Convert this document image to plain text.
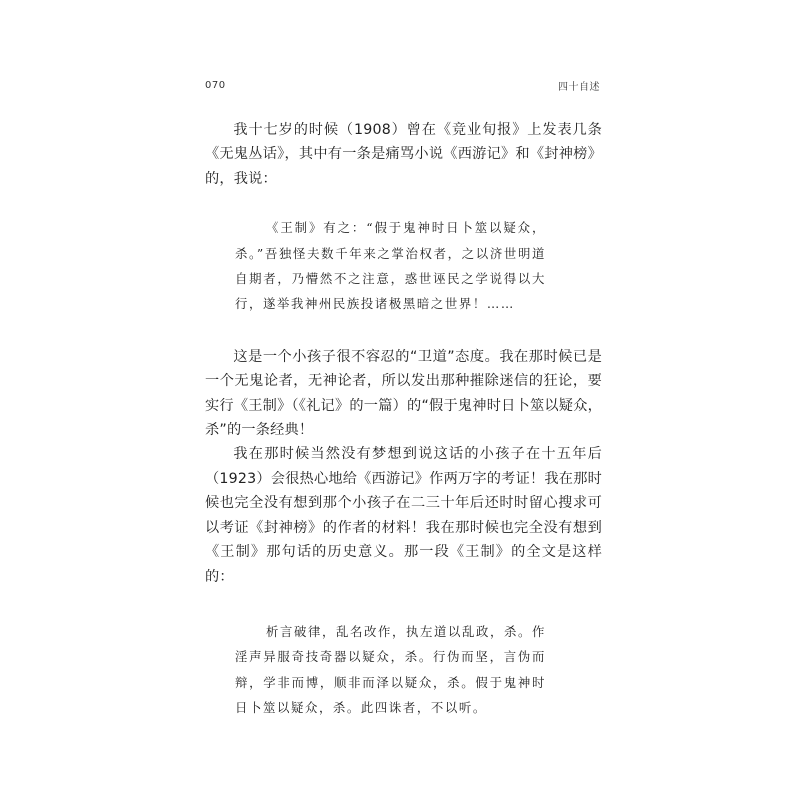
070	四十自述

我十七岁的时候（1908）曾在《竞业旬报》上发表几条《无鬼丛话》，其中有一条是痛骂小说《西游记》和《封神榜》的，我说：

《王制》有之：“假于鬼神时日卜筮以疑众，杀。”吾独怪夫数千年来之掌治权者，之以济世明道自期者，乃懵然不之注意，惑世诬民之学说得以大行，遂举我神州民族投诸极黑暗之世界！……

这是一个小孩子很不容忍的“卫道”态度。我在那时候已是一个无鬼论者，无神论者，所以发出那种摧除迷信的狂论，要实行《王制》（《礼记》的一篇）的“假于鬼神时日卜筮以疑众，杀”的一条经典！

我在那时候当然没有梦想到说这话的小孩子在十五年后（1923）会很热心地给《西游记》作两万字的考证！我在那时候也完全没有想到那个小孩子在二三十年后还时时留心搜求可以考证《封神榜》的作者的材料！我在那时候也完全没有想到《王制》那句话的历史意义。那一段《王制》的全文是这样的：

析言破律，乱名改作，执左道以乱政，杀。作淫声异服奇技奇器以疑众，杀。行伪而坚，言伪而辩，学非而博，顺非而泽以疑众，杀。假于鬼神时日卜筮以疑众，杀。此四诛者，不以听。
